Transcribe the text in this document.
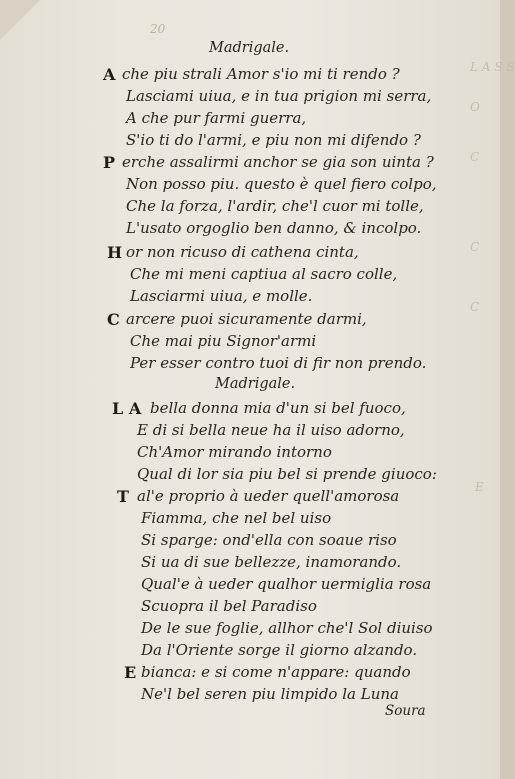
20
L A S S
O
C
C
C
E
Madrigale.
A che piu strali Amor s'io mi ti rendo ?
Lasciami uiua, e in tua prigion mi serra,
A che pur farmi guerra,
S'io ti do l'armi, e piu non mi difendo ?
P erche assalirmi anchor se gia son uinta ?
Non posso piu. questo è quel fiero colpo,
Che la forza, l'ardir, che'l cuor mi tolle,
L'usato orgoglio ben danno, & incolpo.
H or non ricuso di cathena cinta,
Che mi meni captiua al sacro colle,
Lasciarmi uiua, e molle.
C arcere puoi sicuramente darmi,
Che mai piu Signor'armi
Per esser contro tuoi di fir non prendo.
Madrigale.
L A bella donna mia d'un si bel fuoco,
E di si bella neue ha il uiso adorno,
Ch'Amor mirando intorno
Qual di lor sia piu bel si prende giuoco:
T al'e proprio à ueder quell'amorosa
Fiamma, che nel bel uiso
Si sparge: ond'ella con soaue riso
Si ua di sue bellezze, inamorando.
Qual'e à ueder qualhor uermiglia rosa
Scuopra il bel Paradiso
De le sue foglie, allhor che'l Sol diuiso
Da l'Oriente sorge il giorno alzando.
E bianca: e si come n'appare: quando
Ne'l bel seren piu limpido la Luna
Soura
